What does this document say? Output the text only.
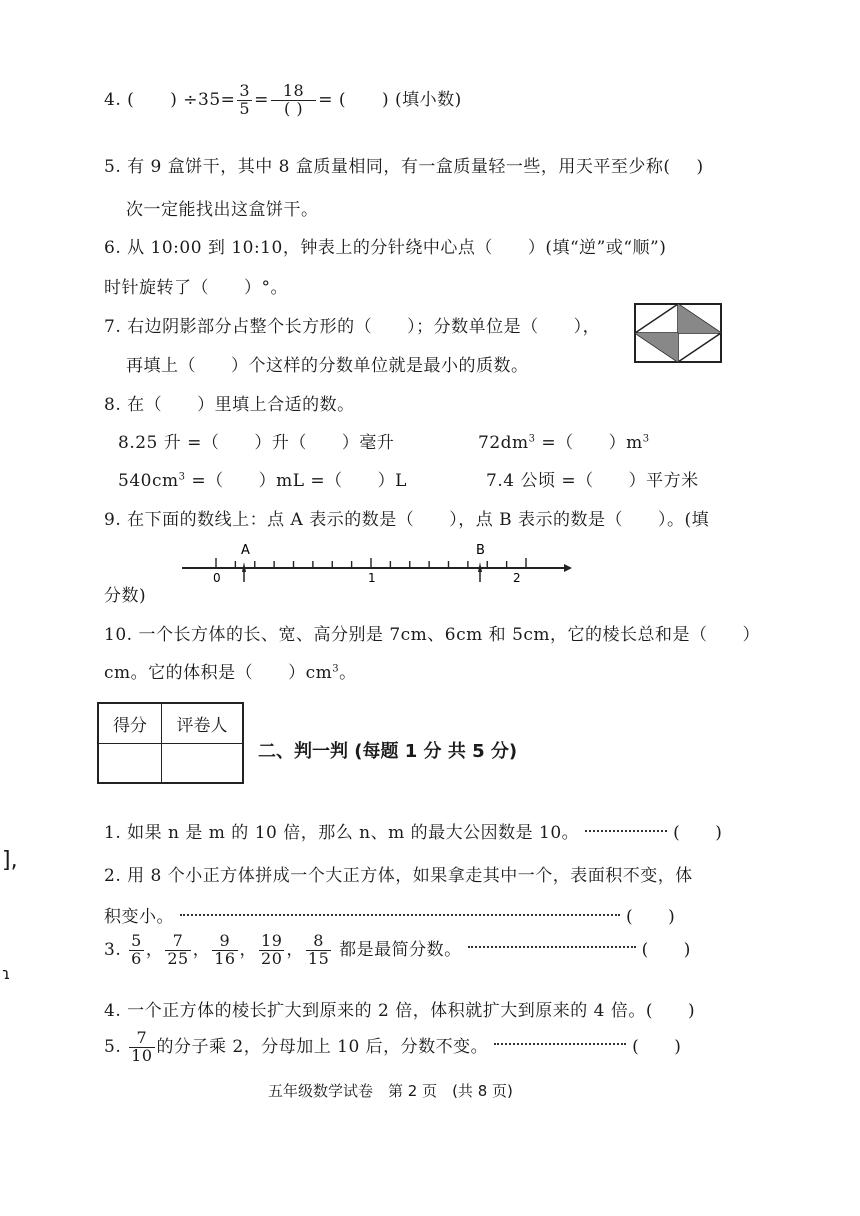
4. ( ) $\div 35= \frac{3}{5} = \frac{18}{( )}$ = ( ) (填小数)
5. 有 9 盒饼干，其中 8 盒质量相同，有一盒质量轻一些，用天平至少称( )
次一定能找出这盒饼干。
6. 从 10:00 到 10:10，钟表上的分针绕中心点（　　）(填“逆”或“顺”)
时针旋转了（　　）°。
7. 右边阴影部分占整个长方形的（　　）；分数单位是（　　），
再填上（　　）个这样的分数单位就是最小的质数。
8. 在（　　）里填上合适的数。
8.25 升 =（　　）升（　　）毫升	$72dm^3$ =（　　）$m^3$
$540cm^3$ =（　　）mL =（　　）L	7.4 公顷 =（　　）平方米
9. 在下面的数线上：点 A 表示的数是（　　），点 B 表示的数是（　　）。(填
A	B
0	1	2
分数)
10. 一个长方体的长、宽、高分别是 7cm、6cm 和 5cm，它的棱长总和是（　　）
cm。它的体积是（　　）$cm^3$。
得分	评卷人

二、判一判 (每题 1 分 共 5 分)
1. 如果 n 是 m 的 10 倍，那么 n、m 的最大公因数是 10。	(　　)
2. 用 8 个小正方体拼成一个大正方体，如果拿走其中一个，表面积不变，体
积变小。	(　　)
3. $\frac{5}{6}$ ， $\frac{7}{25}$ ， $\frac{9}{16}$ ， $\frac{19}{20}$ ， $\frac{8}{15}$ 都是最简分数。	(　　)
4. 一个正方体的棱长扩大到原来的 2 倍，体积就扩大到原来的 4 倍。(　　)
5. $\frac{7}{10}$ 的分子乘 2，分母加上 10 后，分数不变。	(　　)
五年级数学试卷　第 2 页　(共 8 页)
],
ɿ
